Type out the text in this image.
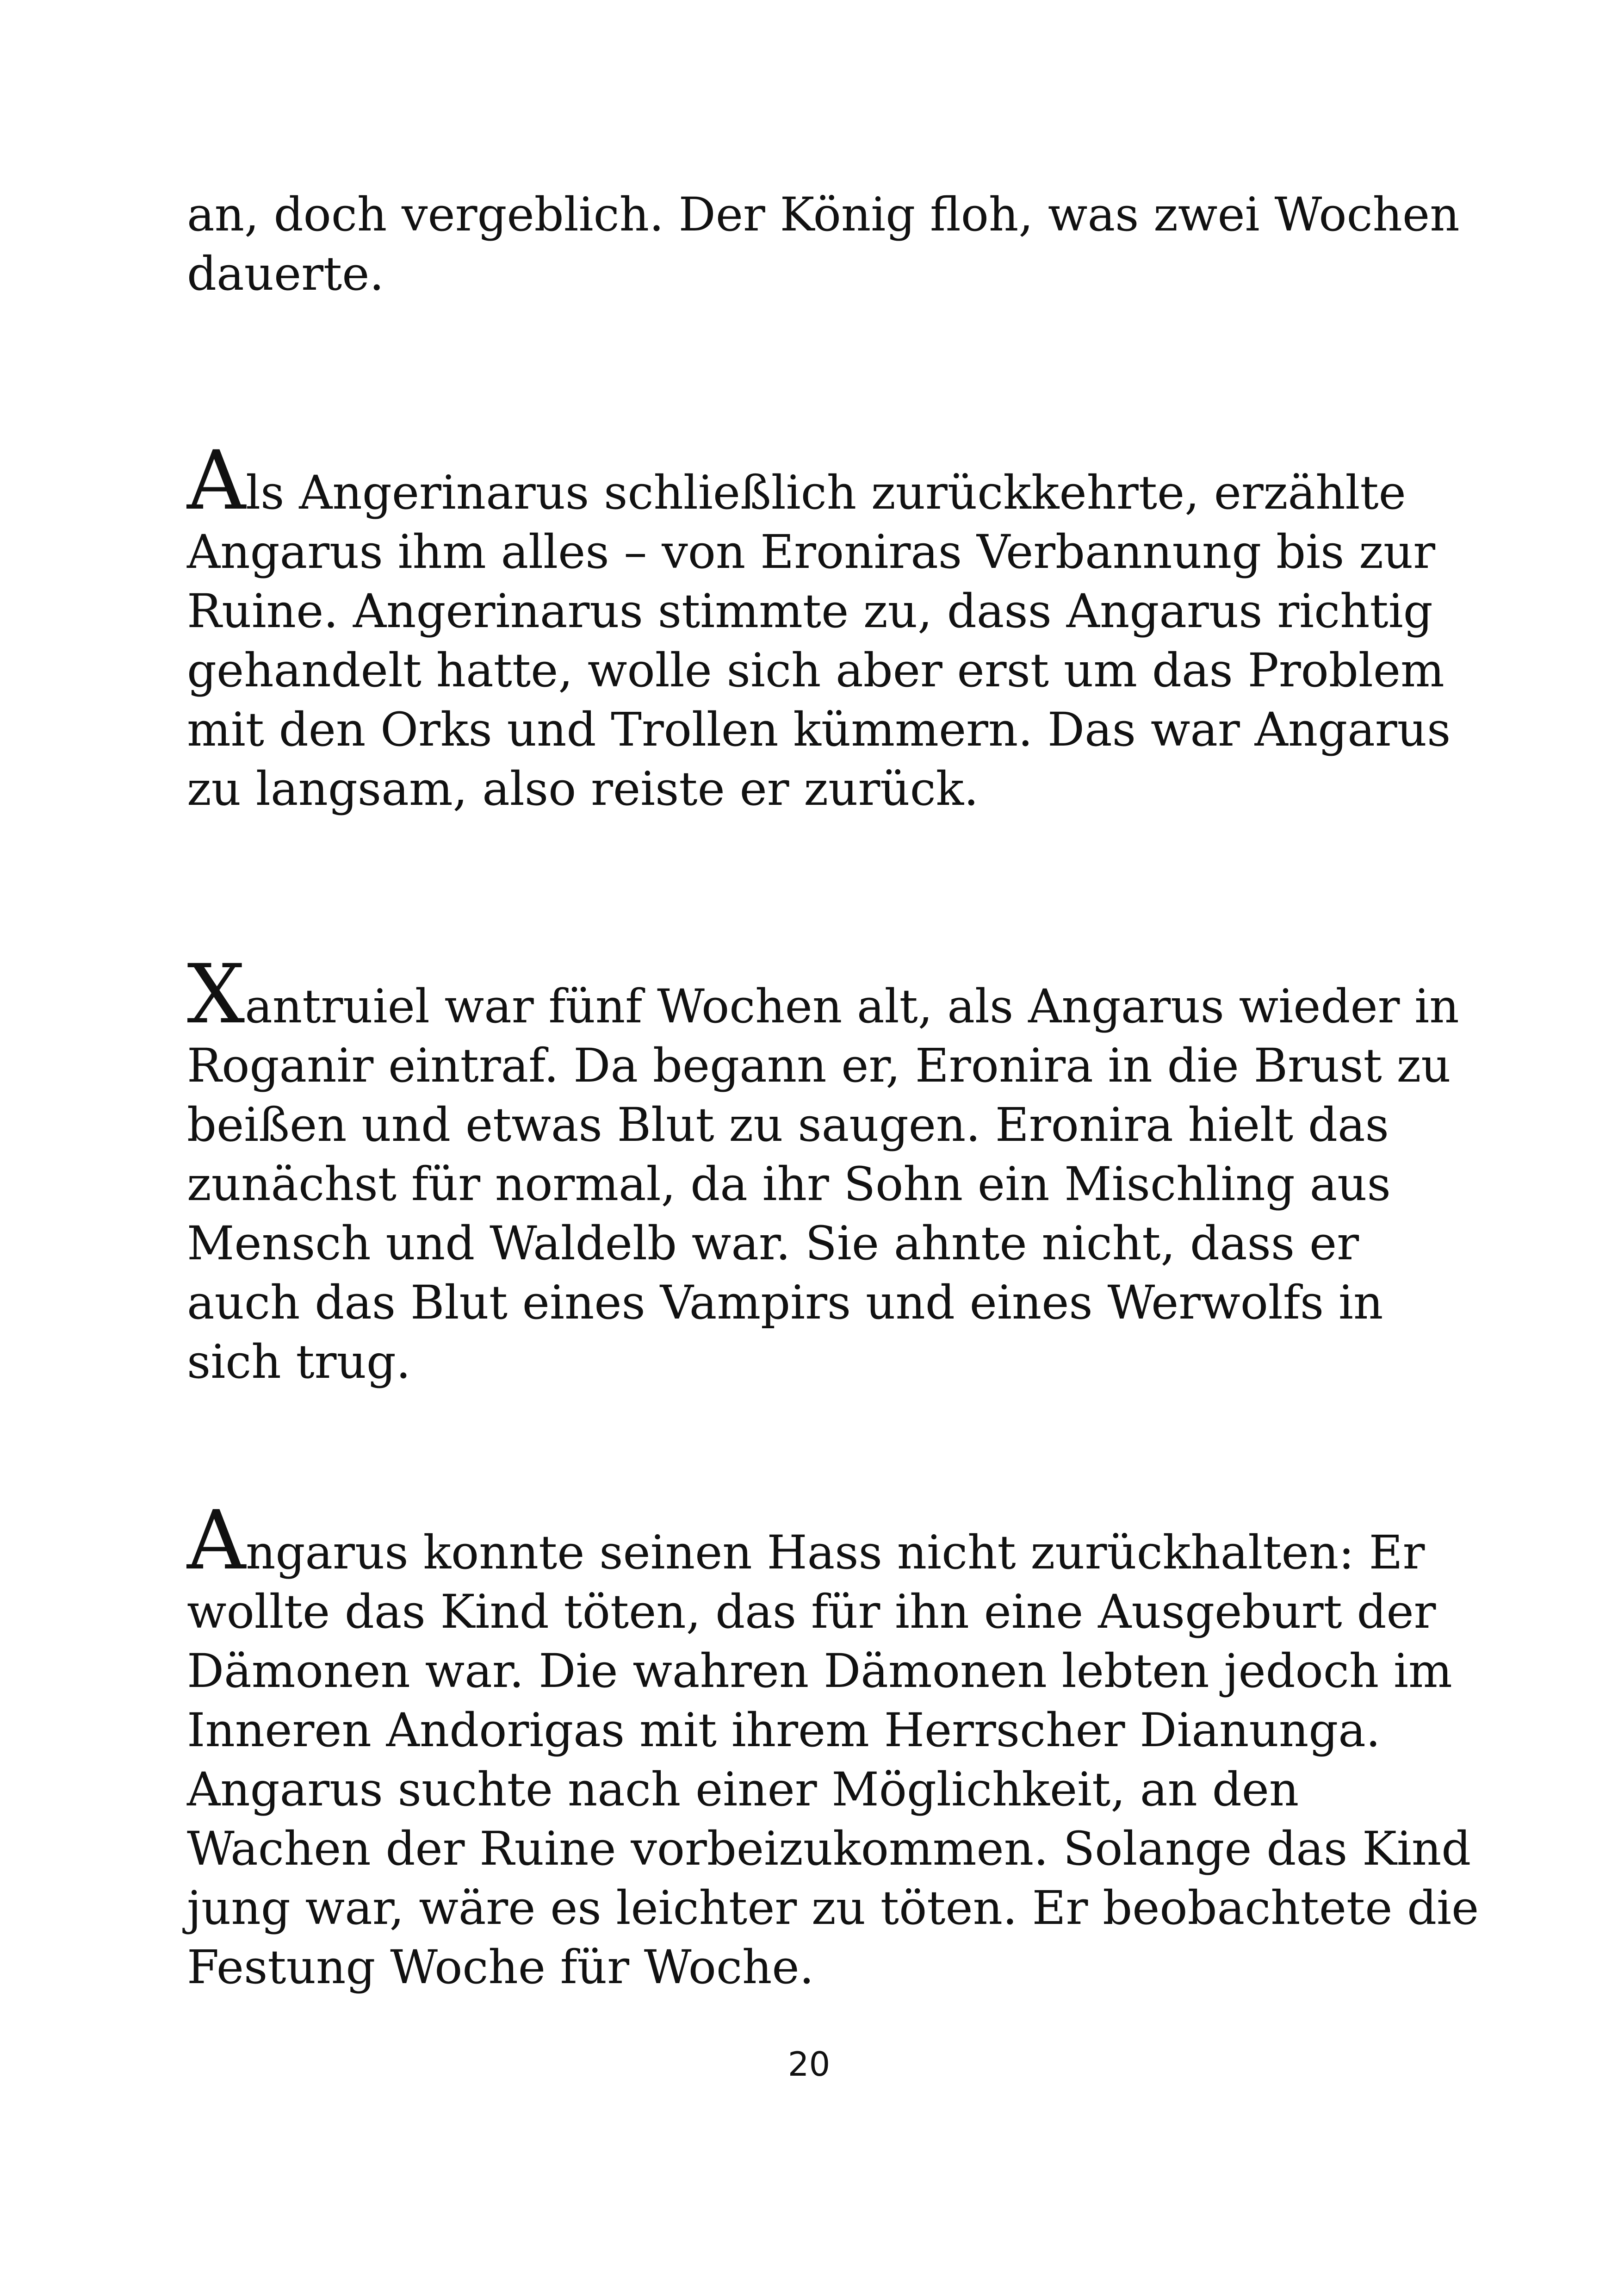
an, doch vergeblich. Der König floh, was zwei Wochen
dauerte.

Als Angerinarus schließlich zurückkehrte, erzählte
Angarus ihm alles – von Eroniras Verbannung bis zur
Ruine. Angerinarus stimmte zu, dass Angarus richtig
gehandelt hatte, wolle sich aber erst um das Problem
mit den Orks und Trollen kümmern. Das war Angarus
zu langsam, also reiste er zurück.

Xantruiel war fünf Wochen alt, als Angarus wieder in
Roganir eintraf. Da begann er, Eronira in die Brust zu
beißen und etwas Blut zu saugen. Eronira hielt das
zunächst für normal, da ihr Sohn ein Mischling aus
Mensch und Waldelb war. Sie ahnte nicht, dass er
auch das Blut eines Vampirs und eines Werwolfs in
sich trug.

Angarus konnte seinen Hass nicht zurückhalten: Er
wollte das Kind töten, das für ihn eine Ausgeburt der
Dämonen war. Die wahren Dämonen lebten jedoch im
Inneren Andorigas mit ihrem Herrscher Dianunga.
Angarus suchte nach einer Möglichkeit, an den
Wachen der Ruine vorbeizukommen. Solange das Kind
jung war, wäre es leichter zu töten. Er beobachtete die
Festung Woche für Woche.

20
